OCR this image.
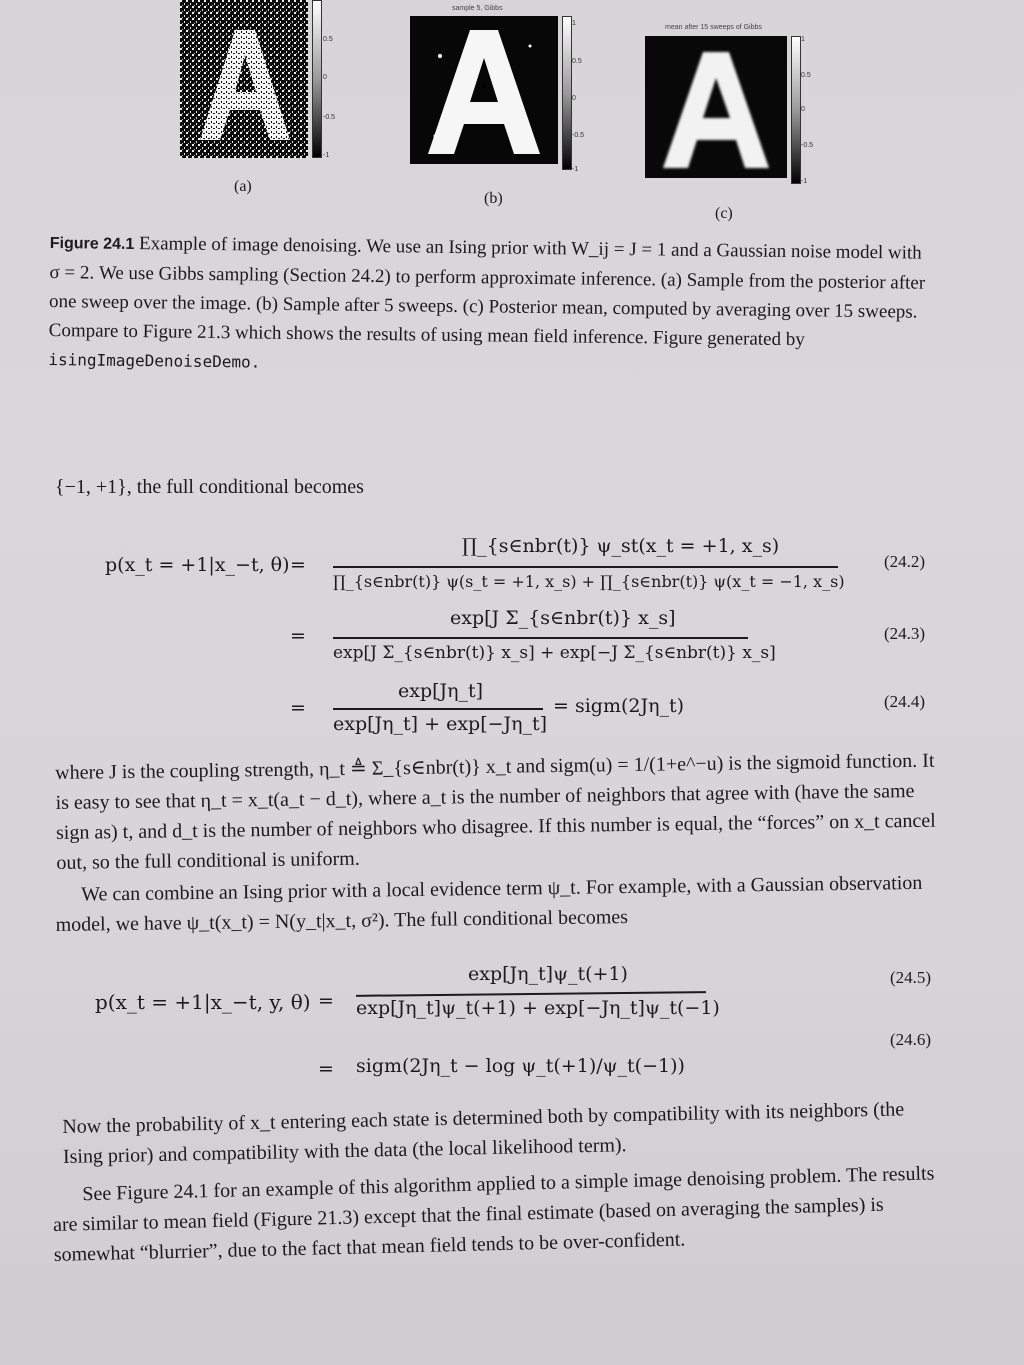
0.5
0
-0.5
-1
(a)
sample 5, Gibbs
1
0.5
0
-0.5
-1
(b)
mean after 15 sweeps of Gibbs
1
0.5
0
-0.5
-1
(c)
Figure 24.1 Example of image denoising. We use an Ising prior with W_ij = J = 1 and a Gaussian noise model with σ = 2. We use Gibbs sampling (Section 24.2) to perform approximate inference. (a) Sample from the posterior after one sweep over the image. (b) Sample after 5 sweeps. (c) Posterior mean, computed by averaging over 15 sweeps. Compare to Figure 21.3 which shows the results of using mean field inference. Figure generated by isingImageDenoiseDemo.
{−1, +1}, the full conditional becomes
p(x_t = +1|x_−t, θ) =
∏_{s∈nbr(t)} ψ_st(x_t = +1, x_s)
∏_{s∈nbr(t)} ψ(s_t = +1, x_s) + ∏_{s∈nbr(t)} ψ(x_t = −1, x_s)
(24.2)
=
exp[J Σ_{s∈nbr(t)} x_s]
exp[J Σ_{s∈nbr(t)} x_s] + exp[−J Σ_{s∈nbr(t)} x_s]
(24.3)
=
exp[Jη_t]
exp[Jη_t] + exp[−Jη_t]
= sigm(2Jη_t)	(24.4)
where J is the coupling strength, η_t ≜ Σ_{s∈nbr(t)} x_t and sigm(u) = 1/(1+e^−u) is the sigmoid function. It is easy to see that η_t = x_t(a_t − d_t), where a_t is the number of neighbors that agree with (have the same sign as) t, and d_t is the number of neighbors who disagree. If this number is equal, the “forces” on x_t cancel out, so the full conditional is uniform.
We can combine an Ising prior with a local evidence term ψ_t. For example, with a Gaussian observation model, we have ψ_t(x_t) = N(y_t|x_t, σ²). The full conditional becomes
p(x_t = +1|x_−t, y, θ) =
exp[Jη_t]ψ_t(+1)
exp[Jη_t]ψ_t(+1) + exp[−Jη_t]ψ_t(−1)
(24.5)
= sigm(2Jη_t − log ψ_t(+1)/ψ_t(−1))
(24.6)
Now the probability of x_t entering each state is determined both by compatibility with its neighbors (the Ising prior) and compatibility with the data (the local likelihood term).
See Figure 24.1 for an example of this algorithm applied to a simple image denoising problem. The results are similar to mean field (Figure 21.3) except that the final estimate (based on averaging the samples) is somewhat “blurrier”, due to the fact that mean field tends to be over-confident.
